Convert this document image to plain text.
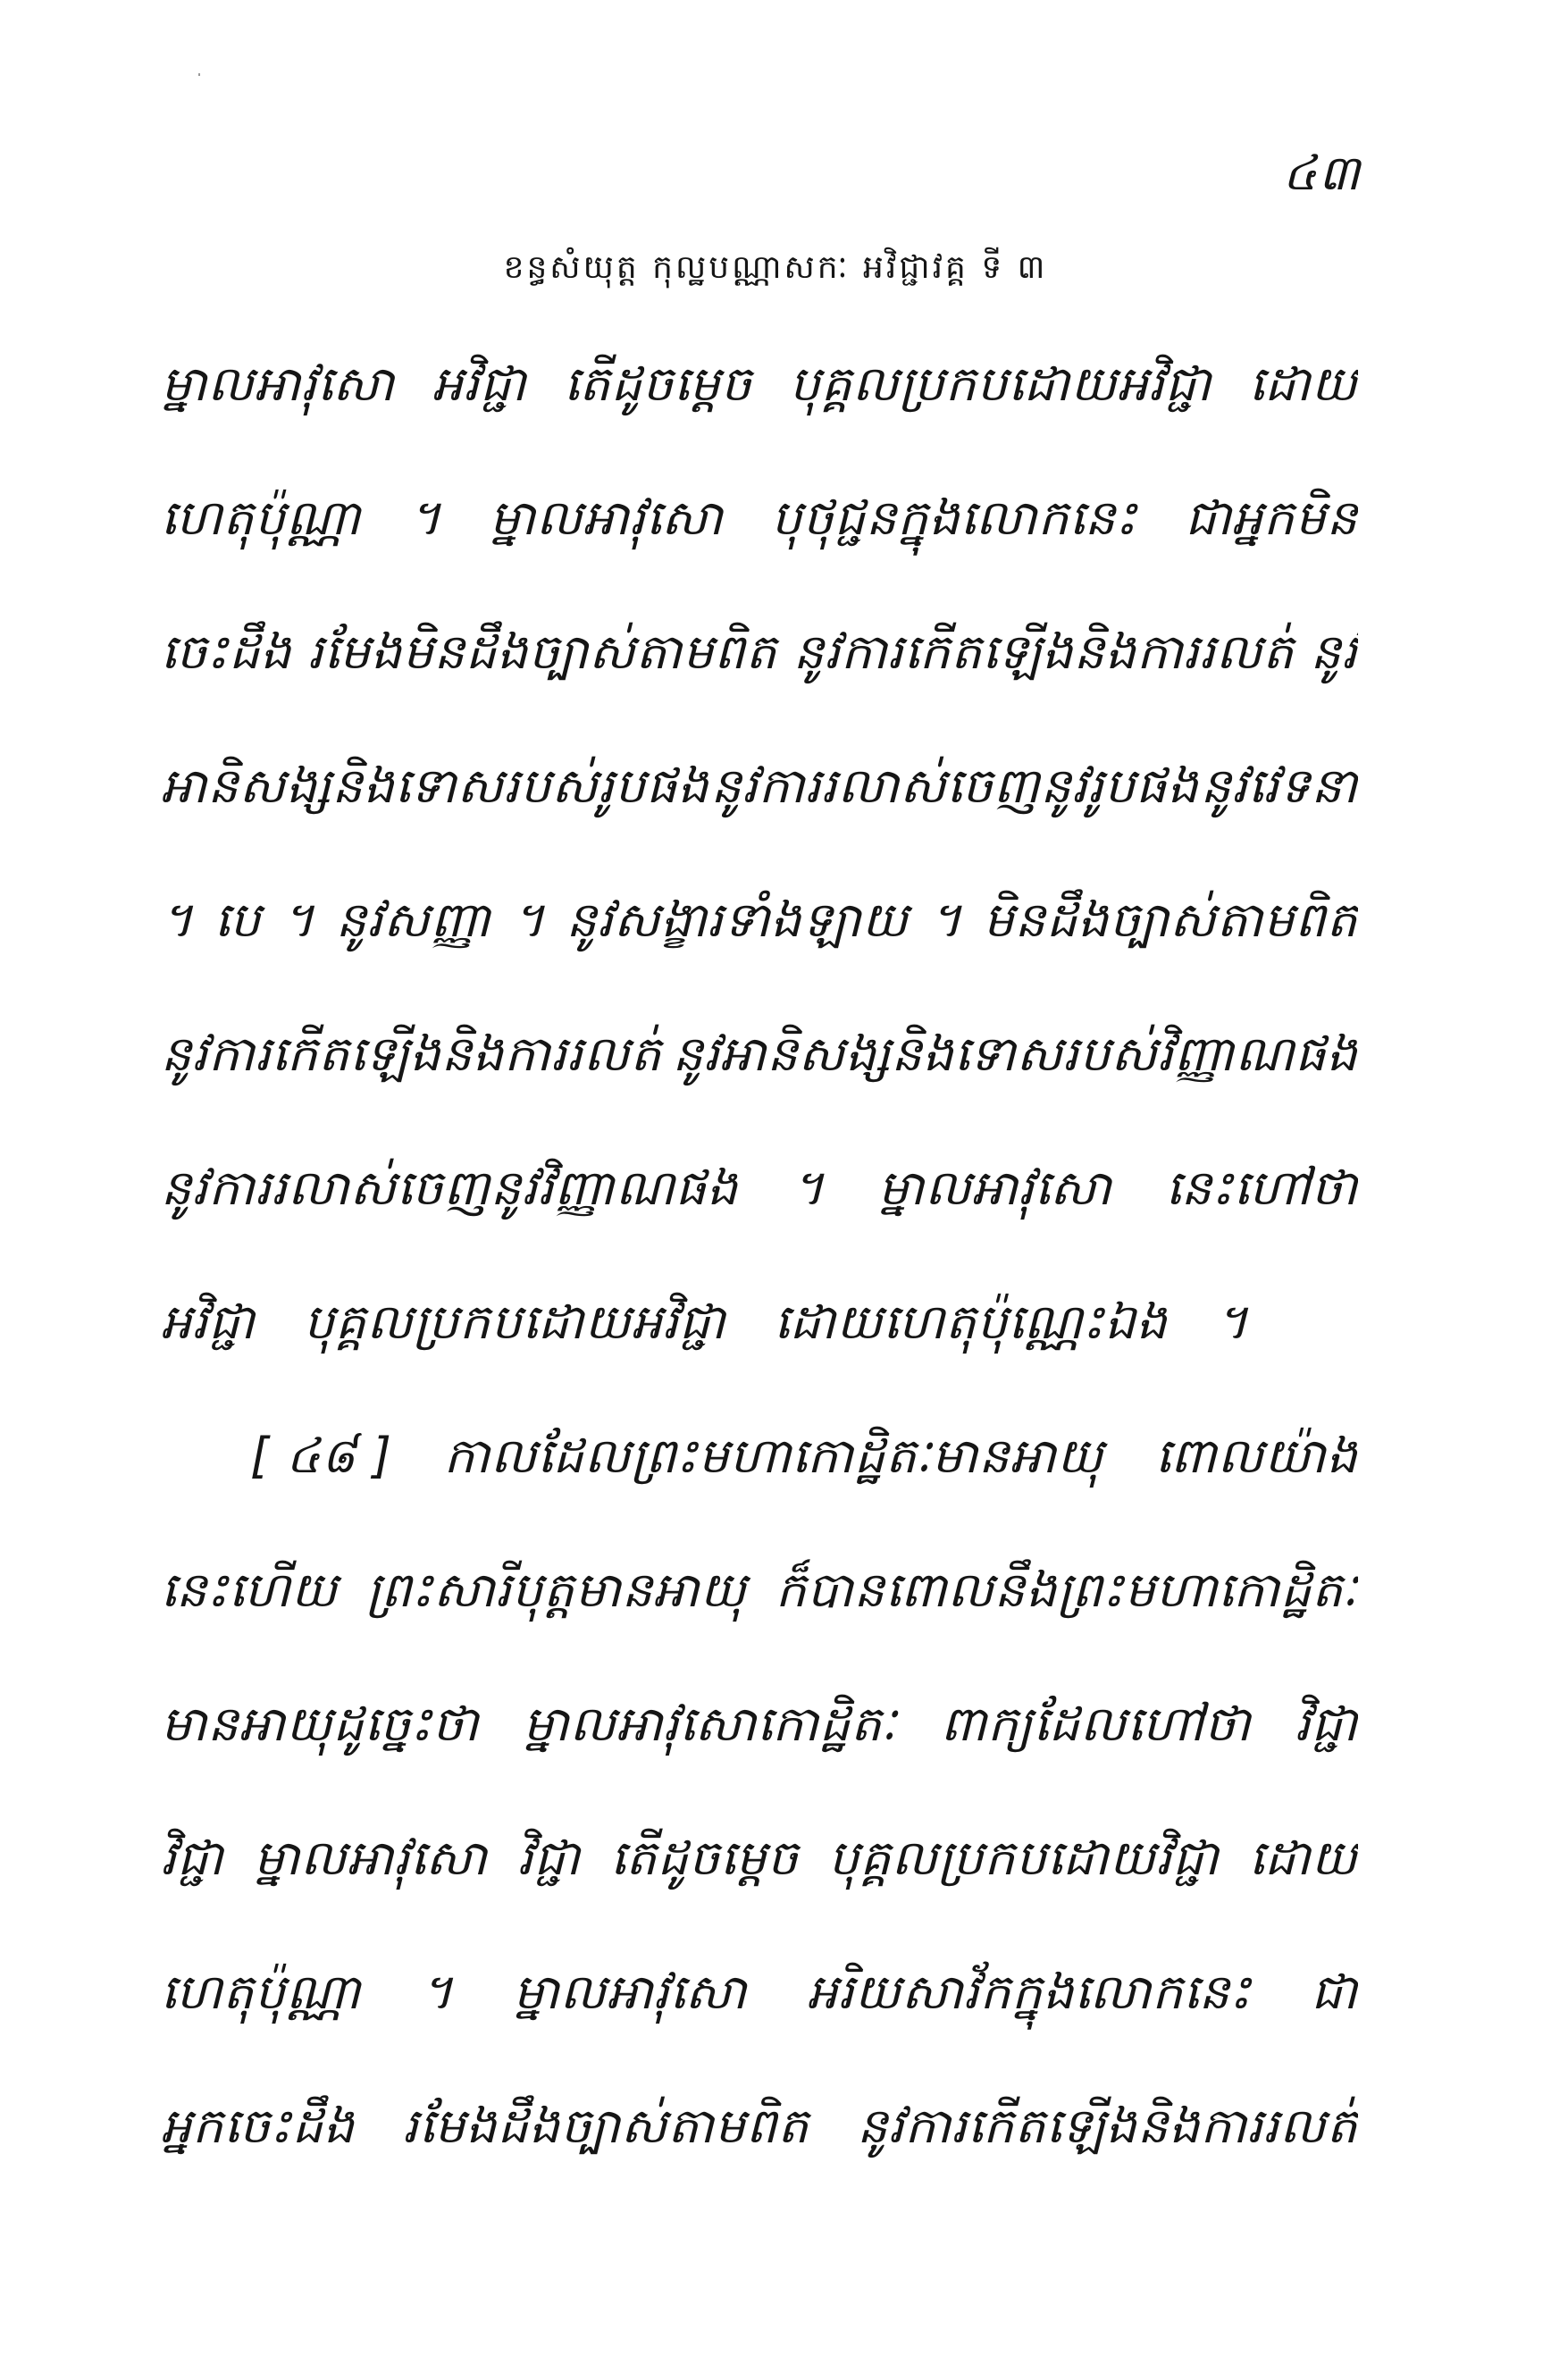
៤៣
ខន្ធសំយុត្ត កុល្ឋបណ្ណាសកៈ អវិជ្ជាវគ្គ ទី ៣
ម្នាលអាវុសោ អវិជ្ជា តើដូចម្តេច បុគ្គលប្រកបដោយអវិជ្ជា ដោយ
ហេតុប៉ុណ្ណា ។ ម្នាលអាវុសោ បុថុជ្ជនក្នុងលោកនេះ ជាអ្នកមិន
ចេះដឹង រមែងមិនដឹងច្បាស់តាមពិត នូវការកើតឡើងនិងការរលត់ នូវ
អានិសង្សនិងទោសរបស់រូបផង នូវការរលាស់ចេញនូវរូបផង នូវវេទនា
។ បេ ។ នូវសញ្ញា ។ នូវសង្ខារទាំងឡាយ ។ មិនដឹងច្បាស់តាមពិត
នូវការកើតឡើងនិងការរលត់ នូវអានិសង្សនិងទោសរបស់វិញ្ញាណផង
នូវការរលាស់ចេញនូវវិញ្ញាណផង ។ ម្នាលអាវុសោ នេះហៅថា
អវិជ្ជា បុគ្គលប្រកបដោយអវិជ្ជា ដោយហេតុប៉ុណ្ណេះឯង ។
[ ៤៨ ] កាលដែលព្រះមហាកោដ្ឋិតៈមានអាយុ ពោលយ៉ាង
នេះហើយ ព្រះសារីបុត្តមានអាយុ ក៏បានពោលនឹងព្រះមហាកោដ្ឋិតៈ
មានអាយុដូច្នេះថា ម្នាលអាវុសោកោដ្ឋិតៈ ពាក្យដែលហៅថា វិជ្ជា
វិជ្ជា ម្នាលអាវុសោ វិជ្ជា តើដូចម្តេច បុគ្គលប្រកបដោយវិជ្ជា ដោយ
ហេតុប៉ុណ្ណា ។ ម្នាលអាវុសោ អរិយសាវ័កក្នុងលោកនេះ ជា
អ្នកចេះដឹង រមែងដឹងច្បាស់តាមពិត នូវការកើតឡើងនិងការរលត់
